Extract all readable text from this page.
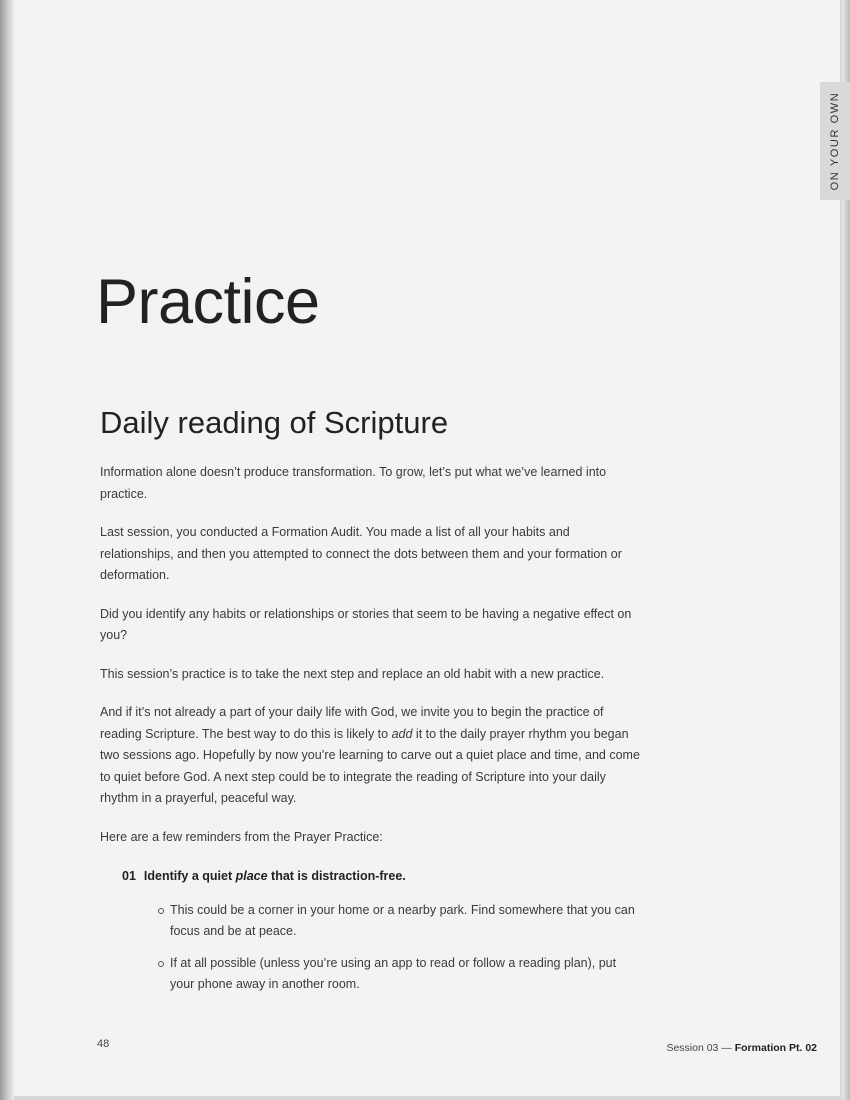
ON YOUR OWN
Practice
Daily reading of Scripture

Information alone doesn’t produce transformation. To grow, let’s put what we’ve learned into practice.

Last session, you conducted a Formation Audit. You made a list of all your habits and relationships, and then you attempted to connect the dots between them and your formation or deformation.

Did you identify any habits or relationships or stories that seem to be having a negative effect on you?

This session’s practice is to take the next step and replace an old habit with a new practice.

And if it’s not already a part of your daily life with God, we invite you to begin the practice of reading Scripture. The best way to do this is likely to add it to the daily prayer rhythm you began two sessions ago. Hopefully by now you’re learning to carve out a quiet place and time, and come to quiet before God. A next step could be to integrate the reading of Scripture into your daily rhythm in a prayerful, peaceful way.

Here are a few reminders from the Prayer Practice:

01 Identify a quiet place that is distraction-free.
This could be a corner in your home or a nearby park. Find somewhere that you can focus and be at peace.
If at all possible (unless you’re using an app to read or follow a reading plan), put your phone away in another room.
48	Session 03 — Formation Pt. 02
